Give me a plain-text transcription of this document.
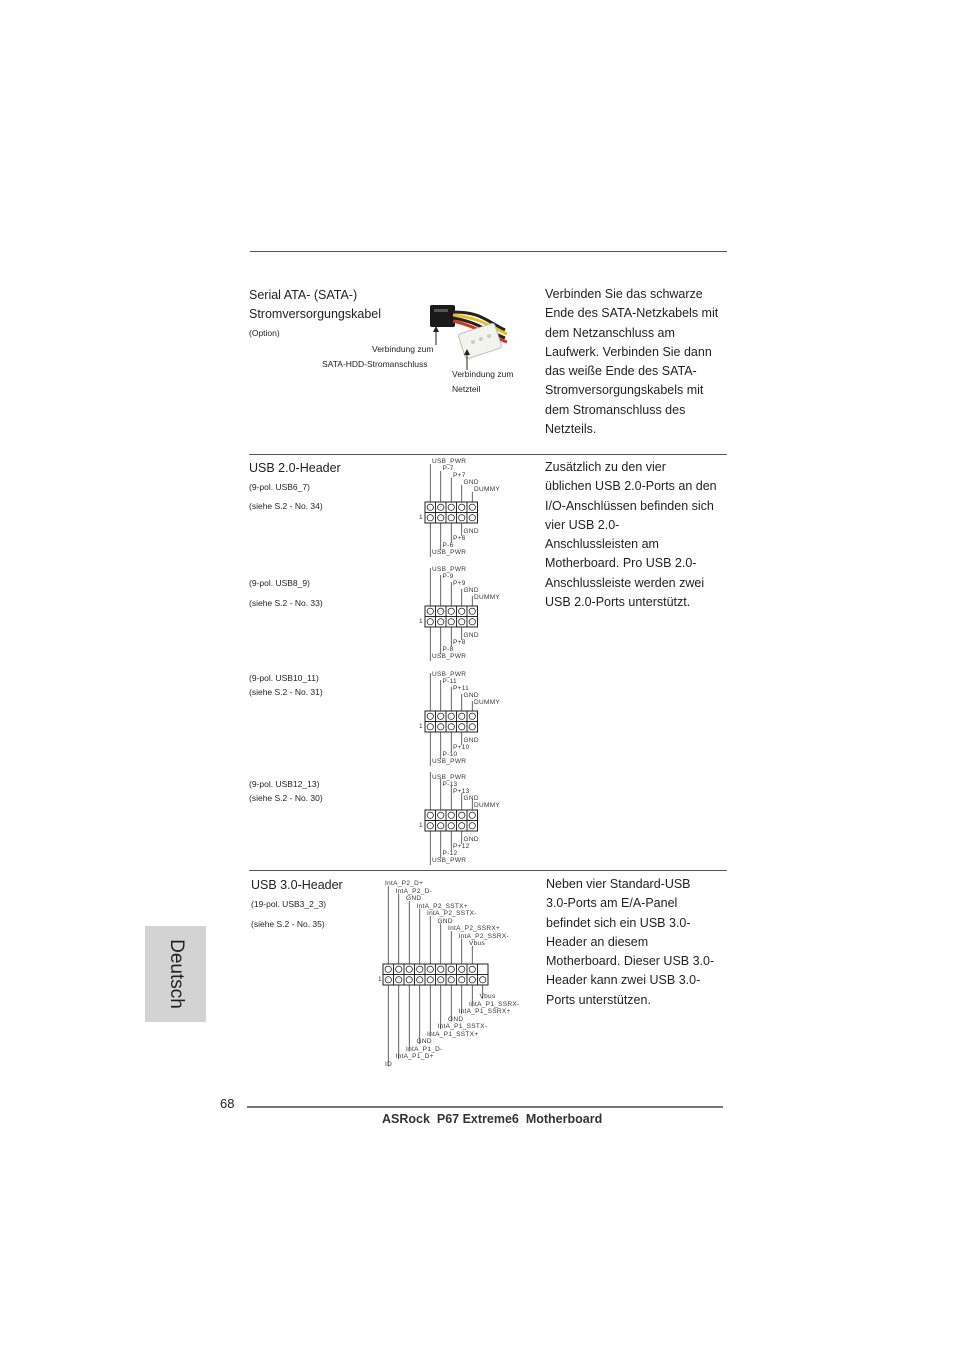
Serial ATA- (SATA-)
Stromversorgungskabel
(Option)
Verbindung zum
SATA-HDD-Stromanschluss
Verbindung zum
Netzteil
Verbinden Sie das schwarze
Ende des SATA-Netzkabels mit
dem Netzanschluss am
Laufwerk. Verbinden Sie dann
das weiße Ende des SATA-
Stromversorgungskabels mit
dem Stromanschluss des
Netzteils.
USB 2.0-Header
(9-pol. USB6_7)
(siehe S.2 - No. 34)
(9-pol. USB8_9)
(siehe S.2 - No. 33)
(9-pol. USB10_11)
(siehe S.2 - No. 31)
(9-pol. USB12_13)
(siehe S.2 - No. 30)
USB_PWR
P-7
P+7
GND
DUMMY
GND
P+6
P-6
USB_PWR
1
USB_PWR
P-9
P+9
GND
DUMMY
GND
P+8
P-8
USB_PWR
1
USB_PWR
P-11
P+11
GND
DUMMY
GND
P+10
P-10
USB_PWR
1
USB_PWR
P-13
P+13
GND
DUMMY
GND
P+12
P-12
USB_PWR
1
Zusätzlich zu den vier
üblichen USB 2.0-Ports an den
I/O-Anschlüssen befinden sich
vier USB 2.0-
Anschlussleisten am
Motherboard. Pro USB 2.0-
Anschlussleiste werden zwei
USB 2.0-Ports unterstützt.
USB 3.0-Header
(19-pol. USB3_2_3)
(siehe S.2 - No. 35)
IntA_P2_D+
IntA_P2_D-
GND
IntA_P2_SSTX+
IntA_P2_SSTX-
GND
IntA_P2_SSRX+
IntA_P2_SSRX-
Vbus
Vbus
IntA_P1_SSRX-
IntA_P1_SSRX+
GND
IntA_P1_SSTX-
IntA_P1_SSTX+
GND
IntA_P1_D-
IntA_P1_D+
ID
1
Neben vier Standard-USB
3.0-Ports am E/A-Panel
befindet sich ein USB 3.0-
Header an diesem
Motherboard. Dieser USB 3.0-
Header kann zwei USB 3.0-
Ports unterstützen.
Deutsch
68
ASRock  P67 Extreme6  Motherboard
